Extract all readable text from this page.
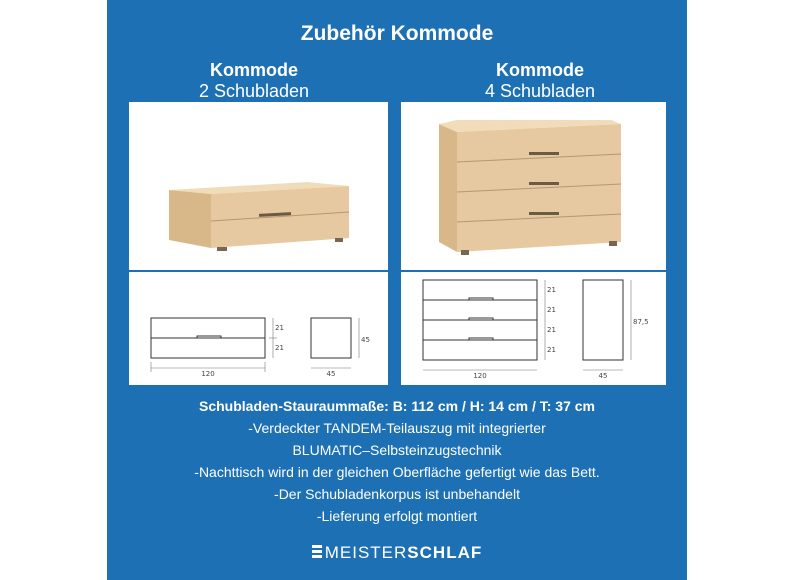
Zubehör Kommode
Kommode
2 Schubladen
Kommode
4 Schubladen
120
21
21
45
45
120
21
21
21
21
45
87,5
Schubladen-Stauraummaße: B: 112 cm / H: 14 cm / T: 37 cm
-Verdeckter TANDEM-Teilauszug mit integrierter
BLUMATIC–Selbsteinzugstechnik
-Nachttisch wird in der gleichen Oberfläche gefertigt wie das Bett.
-Der Schubladenkorpus ist unbehandelt
-Lieferung erfolgt montiert
MEISTERSCHLAF
